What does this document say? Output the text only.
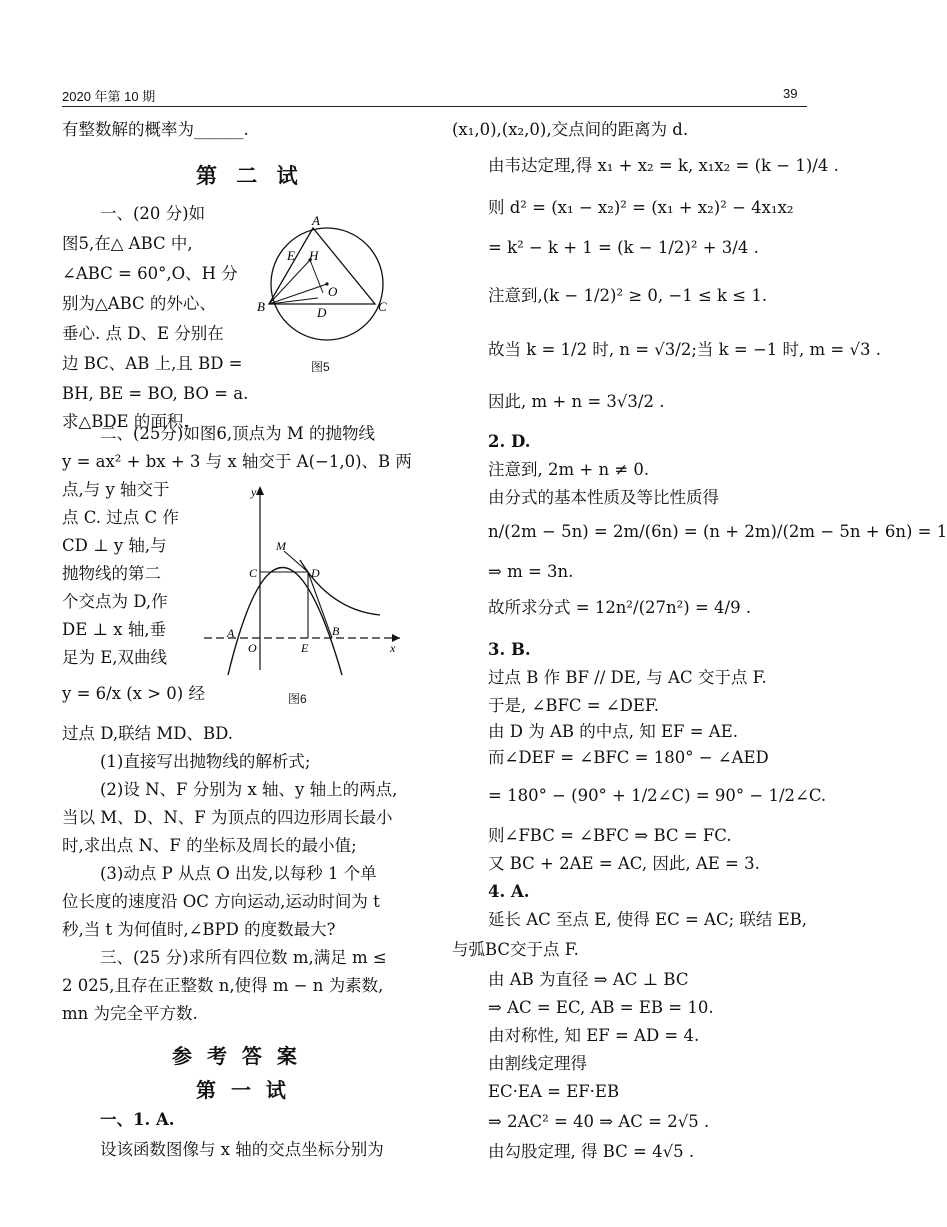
2020 年第 10 期	39
有整数解的概率为______.
第 二 试
一、(20 分)如
图5,在△ ABC 中,
∠ABC = 60°,O、H 分
别为△ABC 的外心、
垂心. 点 D、E 分别在
边 BC、AB 上,且 BD =
BH, BE = BO, BO = a.
求△BDE 的面积.
A
B	C
D
E H
O
图5
二、(25分)如图6,顶点为 M 的抛物线
y = ax² + bx + 3 与 x 轴交于 A(−1,0)、B 两
点,与 y 轴交于
点 C. 过点 C 作
CD ⊥ y 轴,与
抛物线的第二
个交点为 D,作
DE ⊥ x 轴,垂
足为 E,双曲线
y = 6/x (x > 0) 经
y
x
M
C	D
A
O	E
B
图6
过点 D,联结 MD、BD.
(1)直接写出抛物线的解析式;
(2)设 N、F 分别为 x 轴、y 轴上的两点,
当以 M、D、N、F 为顶点的四边形周长最小
时,求出点 N、F 的坐标及周长的最小值;
(3)动点 P 从点 O 出发,以每秒 1 个单
位长度的速度沿 OC 方向运动,运动时间为 t
秒,当 t 为何值时,∠BPD 的度数最大?
三、(25 分)求所有四位数 m,满足 m ≤
2 025,且存在正整数 n,使得 m − n 为素数,
mn 为完全平方数.
参 考 答 案
第 一 试
一、1. A.
设该函数图像与 x 轴的交点坐标分别为
(x₁,0),(x₂,0),交点间的距离为 d.
由韦达定理,得 x₁ + x₂ = k, x₁x₂ = (k − 1)/4 .
则 d² = (x₁ − x₂)² = (x₁ + x₂)² − 4x₁x₂
= k² − k + 1 = (k − 1/2)² + 3/4 .
注意到,(k − 1/2)² ≥ 0, −1 ≤ k ≤ 1.
故当 k = 1/2 时, n = √3/2;当 k = −1 时, m = √3 .
因此, m + n = 3√3/2 .
2. D.
注意到, 2m + n ≠ 0.
由分式的基本性质及等比性质得
n/(2m − 5n) = 2m/(6n) = (n + 2m)/(2m − 5n + 6n) = 1
⇒ m = 3n.
故所求分式 = 12n²/(27n²) = 4/9 .
3. B.
过点 B 作 BF // DE, 与 AC 交于点 F.
于是, ∠BFC = ∠DEF.
由 D 为 AB 的中点, 知 EF = AE.
而∠DEF = ∠BFC = 180° − ∠AED
= 180° − (90° + 1/2∠C) = 90° − 1/2∠C.
则∠FBC = ∠BFC ⇒ BC = FC.
又 BC + 2AE = AC, 因此, AE = 3.
4. A.
延长 AC 至点 E, 使得 EC = AC; 联结 EB,
与弧BC交于点 F.
由 AB 为直径 ⇒ AC ⊥ BC
⇒ AC = EC, AB = EB = 10.
由对称性, 知 EF = AD = 4.
由割线定理得
EC·EA = EF·EB
⇒ 2AC² = 40 ⇒ AC = 2√5 .
由勾股定理, 得 BC = 4√5 .
